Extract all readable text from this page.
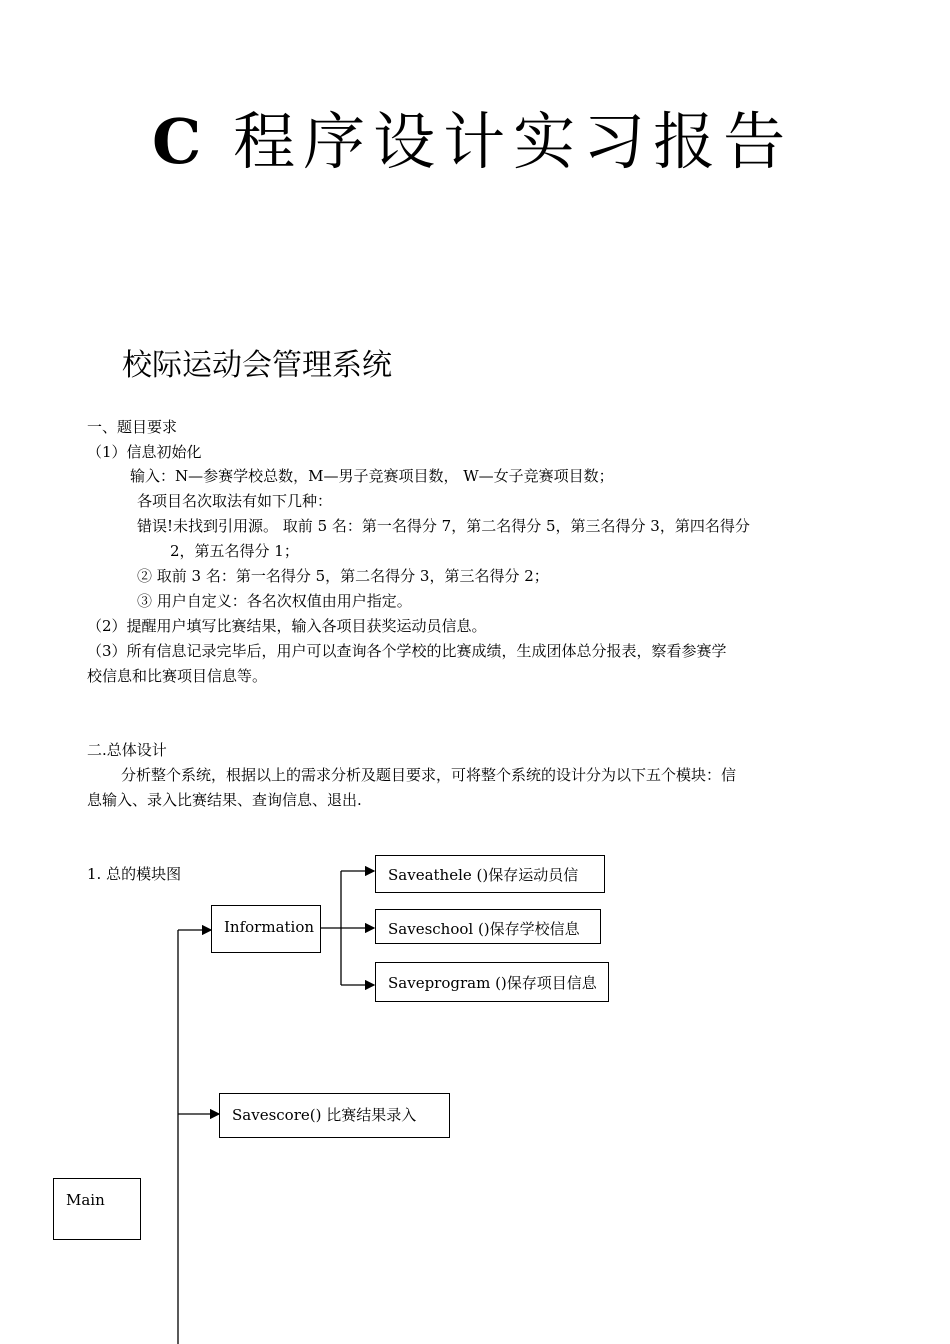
C 程序设计实习报告
校际运动会管理系统
一、题目要求
（1）信息初始化
输入：N—参赛学校总数，M—男子竞赛项目数， W—女子竞赛项目数；
各项目名次取法有如下几种：
错误!未找到引用源。 取前 5 名：第一名得分 7，第二名得分 5，第三名得分 3，第四名得分
2，第五名得分 1；
② 取前 3 名：第一名得分 5，第二名得分 3，第三名得分 2；
③ 用户自定义：各名次权值由用户指定。
（2）提醒用户填写比赛结果，输入各项目获奖运动员信息。
（3）所有信息记录完毕后，用户可以查询各个学校的比赛成绩，生成团体总分报表，察看参赛学
校信息和比赛项目信息等。
二.总体设计
分析整个系统，根据以上的需求分析及题目要求，可将整个系统的设计分为以下五个模块：信
息输入、录入比赛结果、查询信息、退出.
1. 总的模块图
Information
Saveathele ()保存运动员信
Saveschool ()保存学校信息
Saveprogram ()保存项目信息
Savescore() 比赛结果录入
Main
